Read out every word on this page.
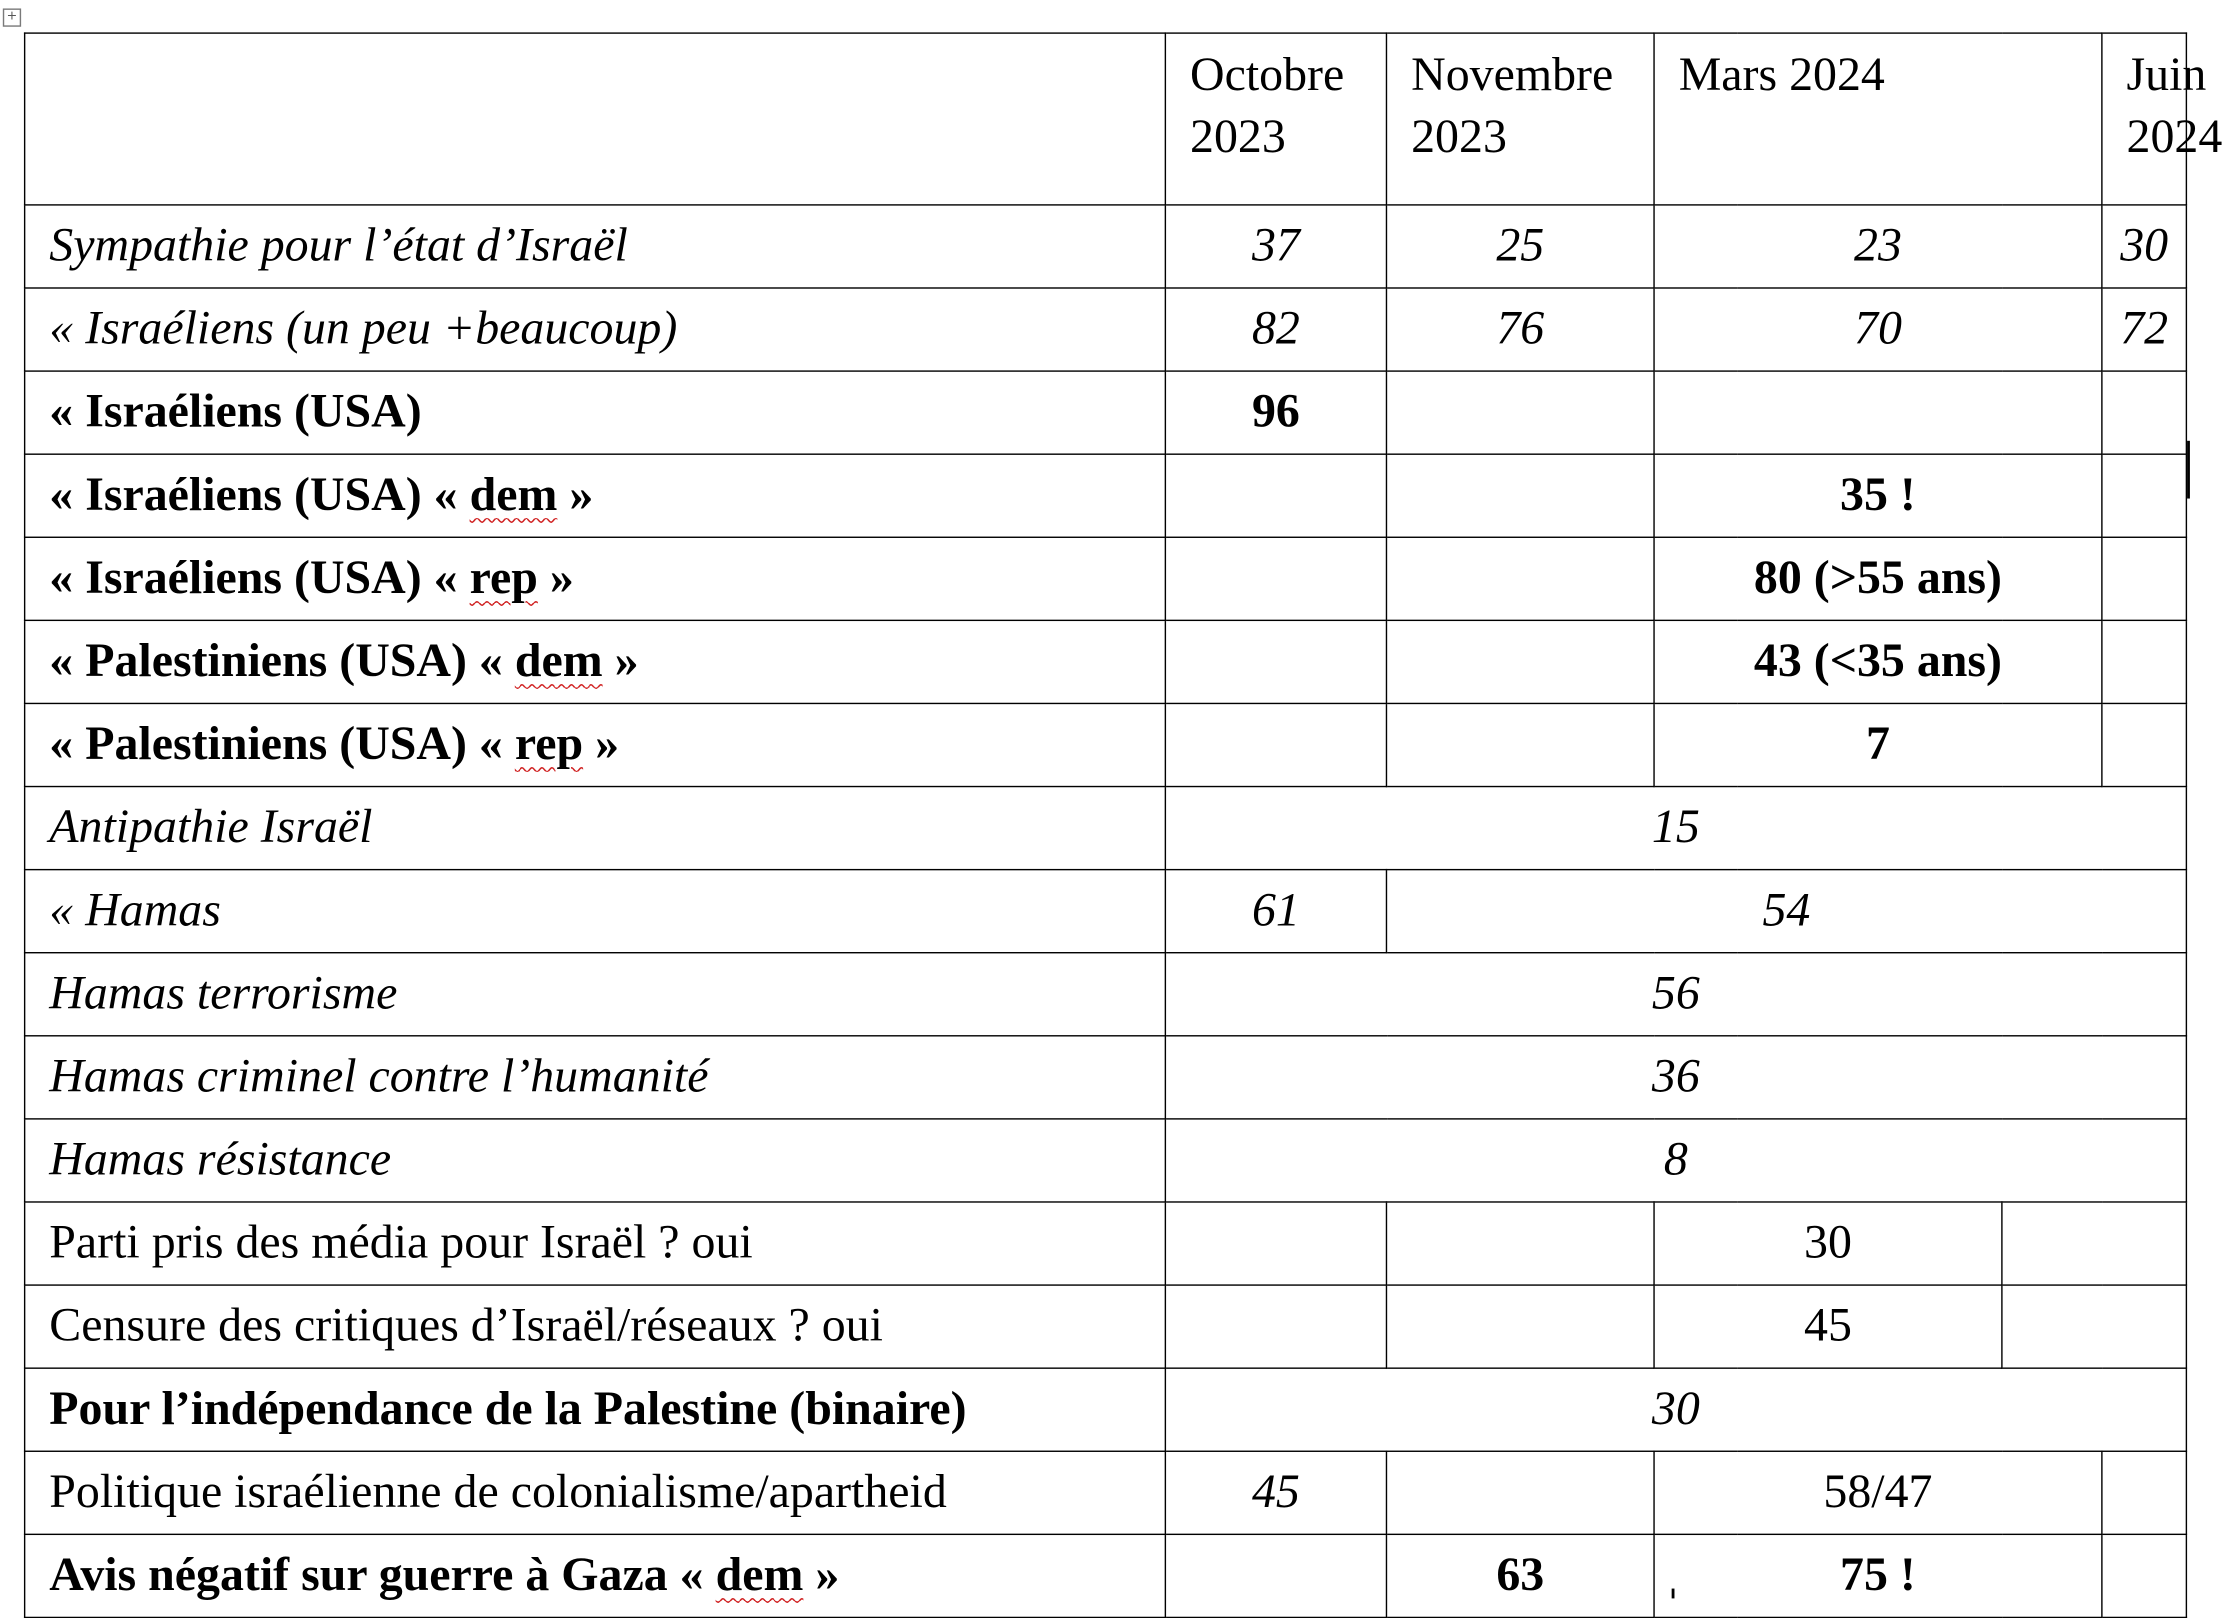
+
	Octobre 2023	Novembre 2023	Mars 2024		Juin 2024
Sympathie pour l’état d’Israël	37	25	23		30
« Israéliens (un peu +beaucoup)	82	76	70		72
« Israéliens (USA)	96				
« Israéliens (USA) « dem »			35 !		
« Israéliens (USA) « rep »			80 (>55 ans)		
« Palestiniens (USA) « dem »			43 (<35 ans)		
« Palestiniens (USA) « rep »			7		
Antipathie Israël	15				
« Hamas	61	54			
Hamas terrorisme	56				
Hamas criminel contre l’humanité	36				
Hamas résistance	8				
Parti pris des média pour Israël ? oui			30		
Censure des critiques d’Israël/réseaux ? oui			45		
Pour l’indépendance de la Palestine (binaire)	30				
Politique israélienne de colonialisme/apartheid	45		58/47		
Avis négatif sur guerre à Gaza « dem »		63	75 !		
